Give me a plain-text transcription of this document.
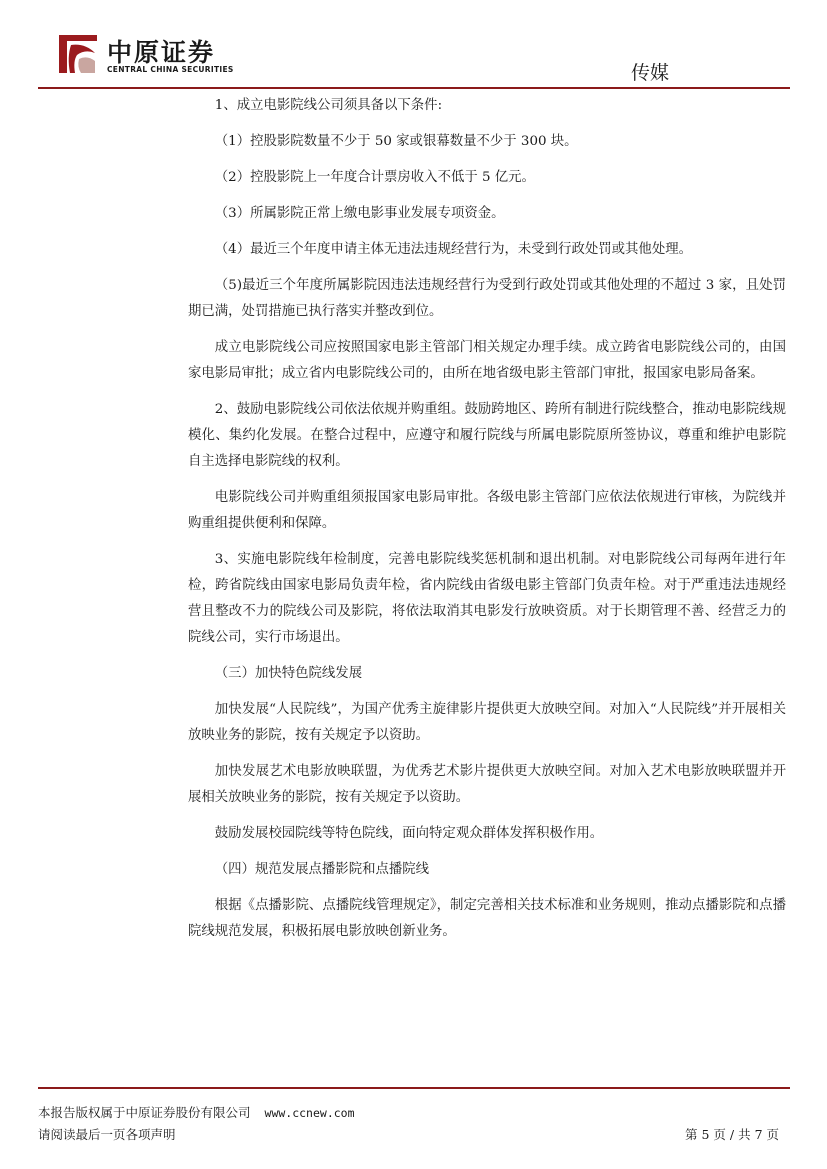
中原证券
CENTRAL CHINA SECURITIES	传媒

1、成立电影院线公司须具备以下条件:

（1）控股影院数量不少于 50 家或银幕数量不少于 300 块。

（2）控股影院上一年度合计票房收入不低于 5 亿元。

（3）所属影院正常上缴电影事业发展专项资金。

（4）最近三个年度申请主体无违法违规经营行为，未受到行政处罚或其他处理。

（5)最近三个年度所属影院因违法违规经营行为受到行政处罚或其他处理的不超过 3 家，且处罚期已满，处罚措施已执行落实并整改到位。

成立电影院线公司应按照国家电影主管部门相关规定办理手续。成立跨省电影院线公司的，由国家电影局审批；成立省内电影院线公司的，由所在地省级电影主管部门审批，报国家电影局备案。

2、鼓励电影院线公司依法依规并购重组。鼓励跨地区、跨所有制进行院线整合，推动电影院线规模化、集约化发展。在整合过程中，应遵守和履行院线与所属电影院原所签协议，尊重和维护电影院自主选择电影院线的权利。

电影院线公司并购重组须报国家电影局审批。各级电影主管部门应依法依规进行审核，为院线并购重组提供便利和保障。

3、实施电影院线年检制度，完善电影院线奖惩机制和退出机制。对电影院线公司每两年进行年检，跨省院线由国家电影局负责年检，省内院线由省级电影主管部门负责年检。对于严重违法违规经营且整改不力的院线公司及影院，将依法取消其电影发行放映资质。对于长期管理不善、经营乏力的院线公司，实行市场退出。

（三）加快特色院线发展

加快发展“人民院线”，为国产优秀主旋律影片提供更大放映空间。对加入“人民院线”并开展相关放映业务的影院，按有关规定予以资助。

加快发展艺术电影放映联盟，为优秀艺术影片提供更大放映空间。对加入艺术电影放映联盟并开展相关放映业务的影院，按有关规定予以资助。

鼓励发展校园院线等特色院线，面向特定观众群体发挥积极作用。

（四）规范发展点播影院和点播院线

根据《点播影院、点播院线管理规定》，制定完善相关技术标准和业务规则，推动点播影院和点播院线规范发展，积极拓展电影放映创新业务。

本报告版权属于中原证券股份有限公司 www.ccnew.com
请阅读最后一页各项声明	第 5 页 / 共 7 页
